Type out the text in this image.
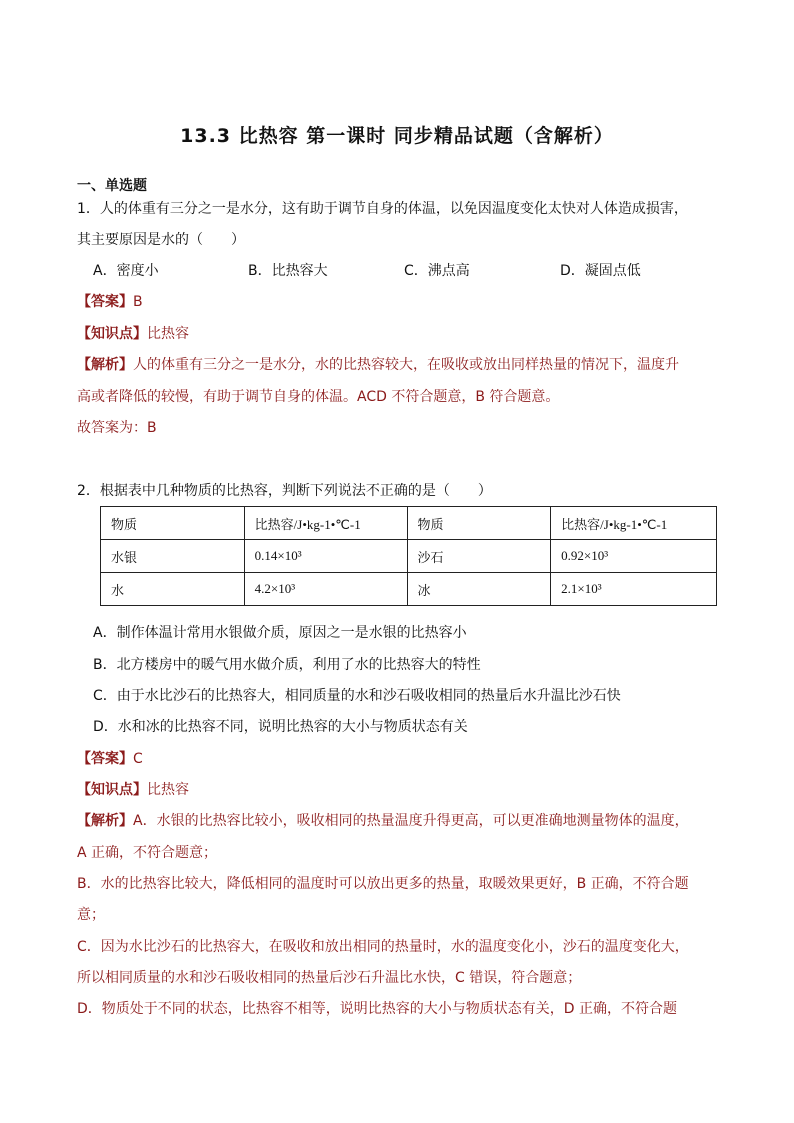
13.3 比热容 第一课时 同步精品试题（含解析）
一、单选题
1．人的体重有三分之一是水分，这有助于调节自身的体温，以免因温度变化太快对人体造成损害，
其主要原因是水的（　　）
A．密度小	B．比热容大	C．沸点高	D．凝固点低
【答案】B
【知识点】比热容
【解析】人的体重有三分之一是水分，水的比热容较大，在吸收或放出同样热量的情况下，温度升
高或者降低的较慢，有助于调节自身的体温。ACD 不符合题意，B 符合题意。
故答案为：B
2．根据表中几种物质的比热容，判断下列说法不正确的是（　　）
物质	比热容/J•kg-1•℃-1	物质	比热容/J•kg-1•℃-1
水银	0.14×10³	沙石	0.92×10³
水	4.2×10³	冰	2.1×10³
A．制作体温计常用水银做介质，原因之一是水银的比热容小
B．北方楼房中的暖气用水做介质，利用了水的比热容大的特性
C．由于水比沙石的比热容大，相同质量的水和沙石吸收相同的热量后水升温比沙石快
D．水和冰的比热容不同，说明比热容的大小与物质状态有关
【答案】C
【知识点】比热容
【解析】A．水银的比热容比较小，吸收相同的热量温度升得更高，可以更准确地测量物体的温度，
A 正确，不符合题意；
B．水的比热容比较大，降低相同的温度时可以放出更多的热量，取暖效果更好，B 正确，不符合题
意；
C．因为水比沙石的比热容大，在吸收和放出相同的热量时，水的温度变化小，沙石的温度变化大，
所以相同质量的水和沙石吸收相同的热量后沙石升温比水快，C 错误，符合题意；
D．物质处于不同的状态，比热容不相等，说明比热容的大小与物质状态有关，D 正确，不符合题
